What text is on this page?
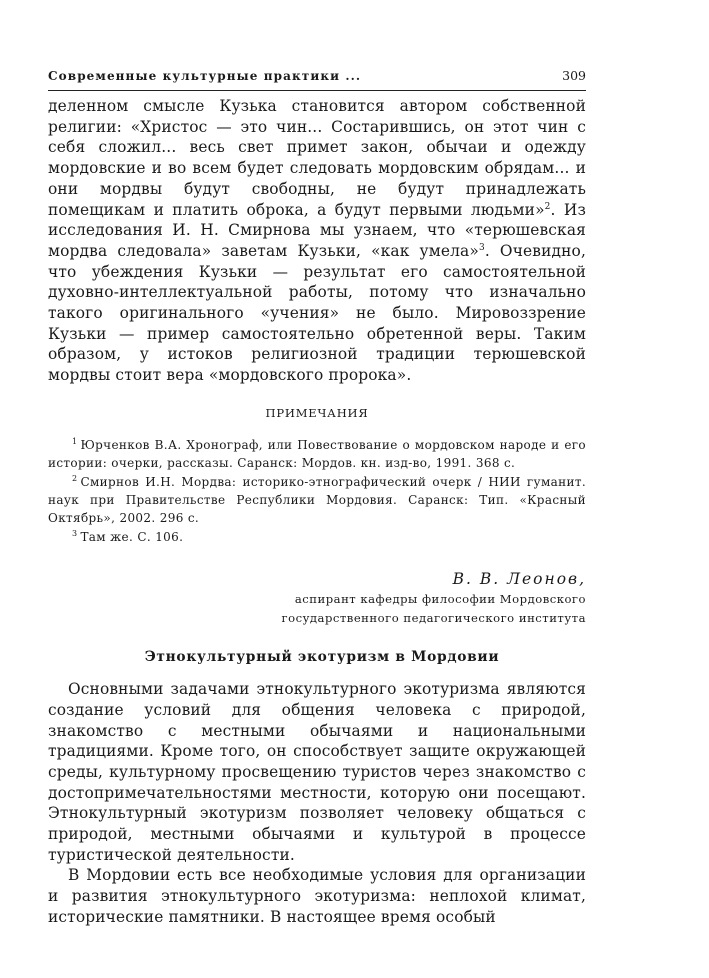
Современные культурные практики ...	309

деленном смысле Кузька становится автором собственной религии: «Христос — это чин... Состарившись, он этот чин с себя сложил... весь свет примет закон, обычаи и одежду мордовские и во всем будет следовать мордовским обрядам... и они мордвы будут свободны, не будут принадлежать помещикам и платить оброка, а будут первыми людьми»$^2$. Из исследования И. Н. Смирнова мы узнаем, что «терюшевская мордва следовала» заветам Кузьки, «как умела»$^3$. Очевидно, что убеждения Кузьки — результат его самостоятельной духовно-интеллектуальной работы, потому что изначально такого оригинального «учения» не было. Мировоззрение Кузьки — пример самостоятельно обретенной веры. Таким образом, у истоков религиозной традиции терюшевской мордвы стоит вера «мордовского пророка».

ПРИМЕЧАНИЯ

$^1$ Юрченков В.А. Хронограф, или Повествование о мордовском народе и его истории: очерки, рассказы. Саранск: Мордов. кн. изд-во, 1991. 368 с.

$^2$ Смирнов И.Н. Мордва: историко-этнографический очерк / НИИ гуманит. наук при Правительстве Республики Мордовия. Саранск: Тип. «Красный Октябрь», 2002. 296 с.

$^3$ Там же. С. 106.

В. В. Леонов,
аспирант кафедры философии Мордовского
государственного педагогического института
Этнокультурный экотуризм в Мордовии

Основными задачами этнокультурного экотуризма являются создание условий для общения человека с природой, знакомство с местными обычаями и национальными традициями. Кроме того, он способствует защите окружающей среды, культурному просвещению туристов через знакомство с достопримечательностями местности, которую они посещают. Этнокультурный экотуризм позволяет человеку общаться с природой, местными обычаями и культурой в процессе туристической деятельности.

В Мордовии есть все необходимые условия для организации и развития этнокультурного экотуризма: неплохой климат, исторические памятники. В настоящее время особый
